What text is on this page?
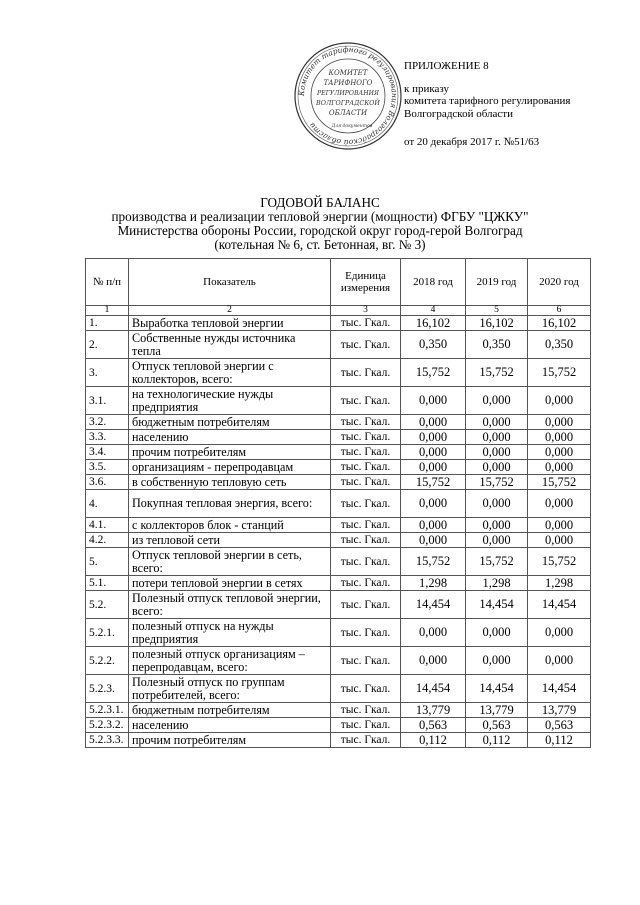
Комитет тарифного регулирования Волгоградской области
КОМИТЕТ
ТАРИФНОГО
РЕГУЛИРОВАНИЯ
ВОЛГОГРАДСКОЙ
ОБЛАСТИ
Для документов
ПРИЛОЖЕНИЕ 8
к приказу
комитета тарифного регулирования
Волгоградской области
от 20 декабря 2017 г. №51/63
ГОДОВОЙ БАЛАНС
производства и реализации тепловой энергии (мощности) ФГБУ "ЦЖКУ"
Министерства обороны России, городской округ город-герой Волгоград
(котельная № 6, ст. Бетонная, вг. № 3)
№ п/п	Показатель	Единица измерения	2018 год	2019 год	2020 год
1	2	3	4	5	6
1.	Выработка тепловой энергии	тыс. Гкал.	16,102	16,102	16,102
2.	Собственные нужды источника тепла	тыс. Гкал.	0,350	0,350	0,350
3.	Отпуск тепловой энергии с коллекторов, всего:	тыс. Гкал.	15,752	15,752	15,752
3.1.	на технологические нужды предприятия	тыс. Гкал.	0,000	0,000	0,000
3.2.	бюджетным потребителям	тыс. Гкал.	0,000	0,000	0,000
3.3.	населению	тыс. Гкал.	0,000	0,000	0,000
3.4.	прочим потребителям	тыс. Гкал.	0,000	0,000	0,000
3.5.	организациям - перепродавцам	тыс. Гкал.	0,000	0,000	0,000
3.6.	в собственную тепловую сеть	тыс. Гкал.	15,752	15,752	15,752
4.	Покупная тепловая энергия, всего:	тыс. Гкал.	0,000	0,000	0,000
4.1.	с коллекторов блок - станций	тыс. Гкал.	0,000	0,000	0,000
4.2.	из тепловой сети	тыс. Гкал.	0,000	0,000	0,000
5.	Отпуск тепловой энергии в сеть, всего:	тыс. Гкал.	15,752	15,752	15,752
5.1.	потери тепловой энергии в сетях	тыс. Гкал.	1,298	1,298	1,298
5.2.	Полезный отпуск тепловой энергии, всего:	тыс. Гкал.	14,454	14,454	14,454
5.2.1.	полезный отпуск на нужды предприятия	тыс. Гкал.	0,000	0,000	0,000
5.2.2.	полезный отпуск организациям – перепродавцам, всего:	тыс. Гкал.	0,000	0,000	0,000
5.2.3.	Полезный отпуск по группам потребителей, всего:	тыс. Гкал.	14,454	14,454	14,454
5.2.3.1.	бюджетным потребителям	тыс. Гкал.	13,779	13,779	13,779
5.2.3.2.	населению	тыс. Гкал.	0,563	0,563	0,563
5.2.3.3.	прочим потребителям	тыс. Гкал.	0,112	0,112	0,112
